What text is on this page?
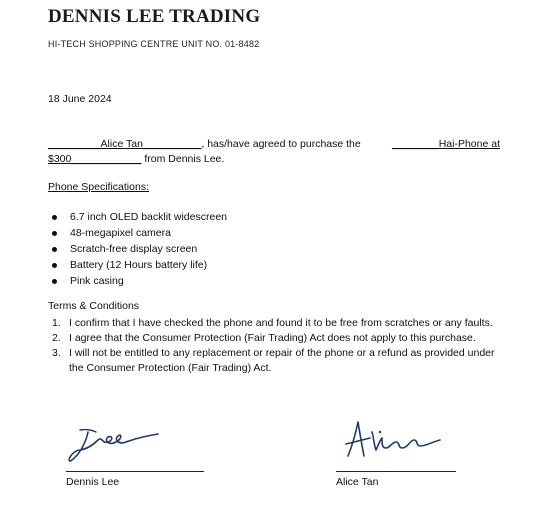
DENNIS LEE TRADING
HI-TECH SHOPPING CENTRE UNIT NO. 01-8482
18 June 2024
_________Alice Tan__________, has/have agreed to purchase the	________Hai-Phone at
$300____________ from Dennis Lee.
Phone Specifications:
6.7 inch OLED backlit widescreen
48-megapixel camera
Scratch-free display screen
Battery (12 Hours battery life)
Pink casing
Terms & Conditions
1. I confirm that I have checked the phone and found it to be free from scratches or any faults.
2. I agree that the Consumer Protection (Fair Trading) Act does not apply to this purchase.
3. I will not be entitled to any replacement or repair of the phone or a refund as provided under the Consumer Protection (Fair Trading) Act.
Dennis Lee	Alice Tan
